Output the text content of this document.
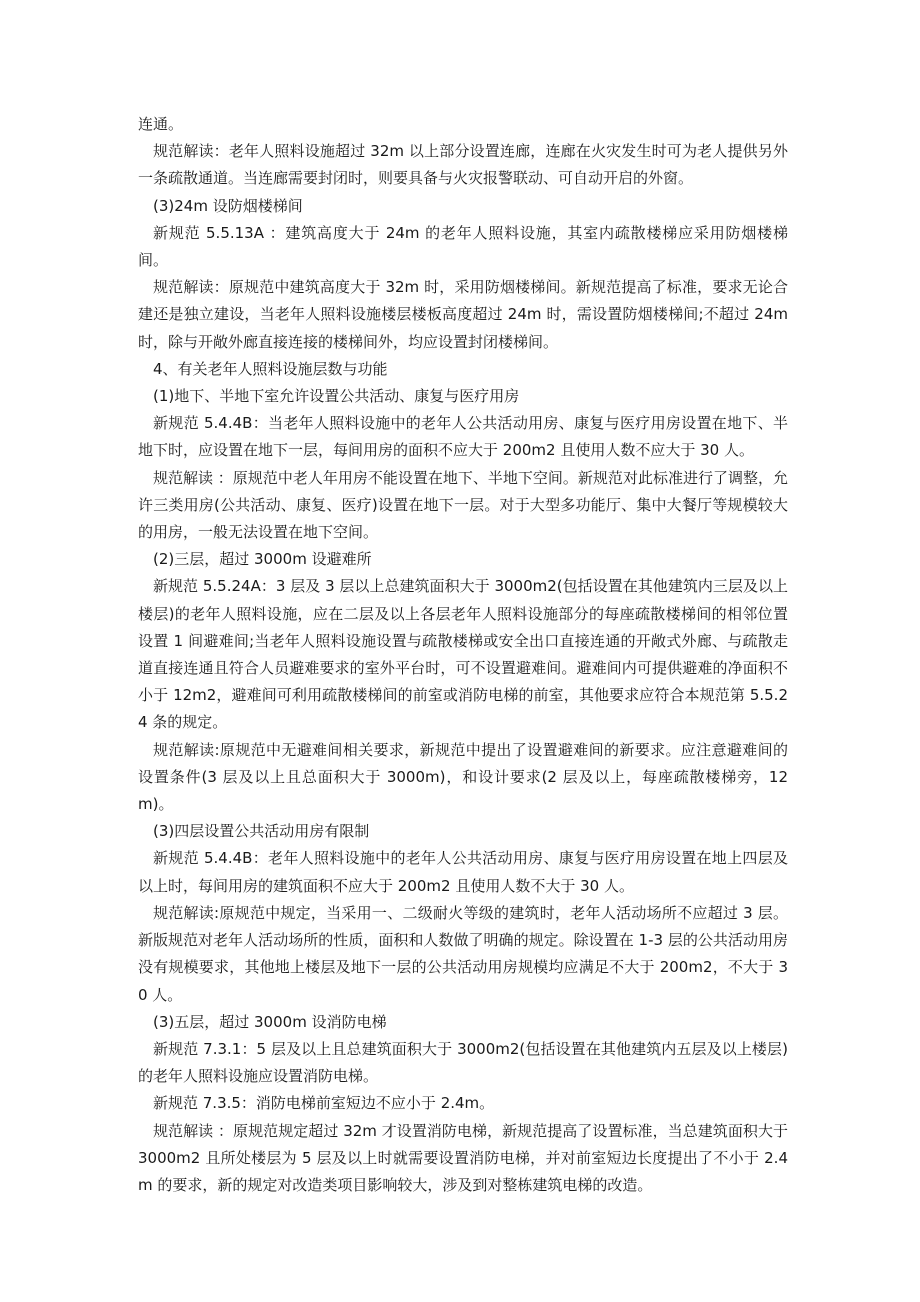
连通。

规范解读：老年人照料设施超过 32m 以上部分设置连廊，连廊在火灾发生时可为老人提供另外一条疏散通道。当连廊需要封闭时，则要具备与火灾报警联动、可自动开启的外窗。

(3)24m 设防烟楼梯间

新规范 5.5.13A ：建筑高度大于 24m 的老年人照料设施，其室内疏散楼梯应采用防烟楼梯间。

规范解读：原规范中建筑高度大于 32m 时，采用防烟楼梯间。新规范提高了标准，要求无论合建还是独立建设，当老年人照料设施楼层楼板高度超过 24m 时，需设置防烟楼梯间;不超过 24m 时，除与开敞外廊直接连接的楼梯间外，均应设置封闭楼梯间。

4、有关老年人照料设施层数与功能

(1)地下、半地下室允许设置公共活动、康复与医疗用房

新规范 5.4.4B：当老年人照料设施中的老年人公共活动用房、康复与医疗用房设置在地下、半地下时，应设置在地下一层，每间用房的面积不应大于 200m2 且使用人数不应大于 30 人。

规范解读 ：原规范中老人年用房不能设置在地下、半地下空间。新规范对此标准进行了调整，允许三类用房(公共活动、康复、医疗)设置在地下一层。对于大型多功能厅、集中大餐厅等规模较大的用房，一般无法设置在地下空间。

(2)三层，超过 3000m 设避难所

新规范 5.5.24A：3 层及 3 层以上总建筑面积大于 3000m2(包括设置在其他建筑内三层及以上楼层)的老年人照料设施，应在二层及以上各层老年人照料设施部分的每座疏散楼梯间的相邻位置设置 1 间避难间;当老年人照料设施设置与疏散楼梯或安全出口直接连通的开敞式外廊、与疏散走道直接连通且符合人员避难要求的室外平台时，可不设置避难间。避难间内可提供避难的净面积不小于 12m2，避难间可利用疏散楼梯间的前室或消防电梯的前室，其他要求应符合本规范第 5.5.24 条的规定。

规范解读:原规范中无避难间相关要求，新规范中提出了设置避难间的新要求。应注意避难间的设置条件(3 层及以上且总面积大于 3000m)，和设计要求(2 层及以上，每座疏散楼梯旁，12m)。

(3)四层设置公共活动用房有限制

新规范 5.4.4B：老年人照料设施中的老年人公共活动用房、康复与医疗用房设置在地上四层及以上时，每间用房的建筑面积不应大于 200m2 且使用人数不大于 30 人。

规范解读:原规范中规定，当采用一、二级耐火等级的建筑时，老年人活动场所不应超过 3 层。新版规范对老年人活动场所的性质，面积和人数做了明确的规定。除设置在 1-3 层的公共活动用房没有规模要求，其他地上楼层及地下一层的公共活动用房规模均应满足不大于 200m2，不大于 30 人。

(3)五层，超过 3000m 设消防电梯

新规范 7.3.1：5 层及以上且总建筑面积大于 3000m2(包括设置在其他建筑内五层及以上楼层)的老年人照料设施应设置消防电梯。

新规范 7.3.5：消防电梯前室短边不应小于 2.4m。

规范解读 ：原规范规定超过 32m 才设置消防电梯，新规范提高了设置标准，当总建筑面积大于 3000m2 且所处楼层为 5 层及以上时就需要设置消防电梯，并对前室短边长度提出了不小于 2.4m 的要求，新的规定对改造类项目影响较大，涉及到对整栋建筑电梯的改造。
